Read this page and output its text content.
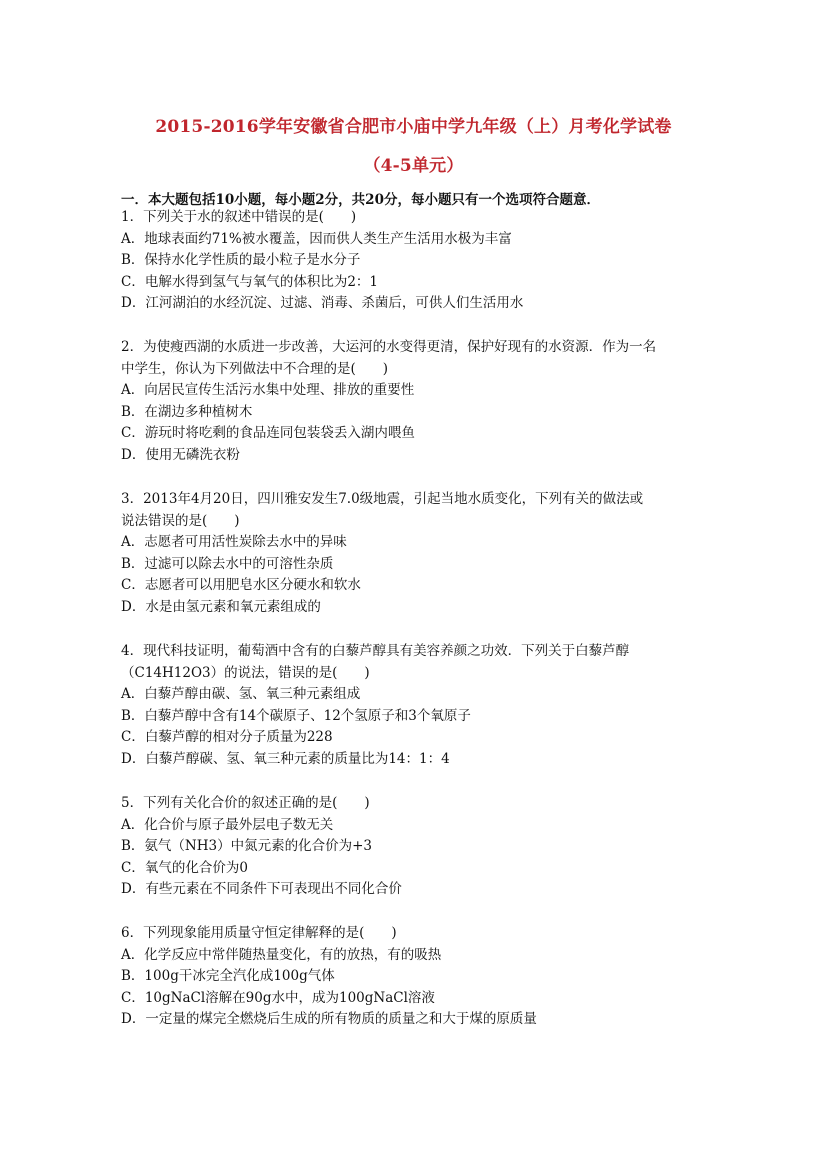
2015-2016学年安徽省合肥市小庙中学九年级（上）月考化学试卷
（4-5单元）
一．本大题包括10小题，每小题2分，共20分，每小题只有一个选项符合题意．
1．下列关于水的叙述中错误的是(　　)
A．地球表面约71%被水覆盖，因而供人类生产生活用水极为丰富
B．保持水化学性质的最小粒子是水分子
C．电解水得到氢气与氧气的体积比为2：1
D．江河湖泊的水经沉淀、过滤、消毒、杀菌后，可供人们生活用水
2．为使瘦西湖的水质进一步改善，大运河的水变得更清，保护好现有的水资源．作为一名
中学生，你认为下列做法中不合理的是(　　)
A．向居民宣传生活污水集中处理、排放的重要性
B．在湖边多种植树木
C．游玩时将吃剩的食品连同包装袋丢入湖内喂鱼
D．使用无磷洗衣粉
3．2013年4月20日，四川雅安发生7.0级地震，引起当地水质变化，下列有关的做法或
说法错误的是(　　)
A．志愿者可用活性炭除去水中的异味
B．过滤可以除去水中的可溶性杂质
C．志愿者可以用肥皂水区分硬水和软水
D．水是由氢元素和氧元素组成的
4．现代科技证明，葡萄酒中含有的白藜芦醇具有美容养颜之功效．下列关于白藜芦醇
（C14H12O3）的说法，错误的是(　　)
A．白藜芦醇由碳、氢、氧三种元素组成
B．白藜芦醇中含有14个碳原子、12个氢原子和3个氧原子
C．白藜芦醇的相对分子质量为228
D．白藜芦醇碳、氢、氧三种元素的质量比为14：1：4
5．下列有关化合价的叙述正确的是(　　)
A．化合价与原子最外层电子数无关
B．氨气（NH3）中氮元素的化合价为+3
C．氧气的化合价为0
D．有些元素在不同条件下可表现出不同化合价
6．下列现象能用质量守恒定律解释的是(　　)
A．化学反应中常伴随热量变化，有的放热，有的吸热
B．100g干冰完全汽化成100g气体
C．10gNaCl溶解在90g水中，成为100gNaCl溶液
D．一定量的煤完全燃烧后生成的所有物质的质量之和大于煤的原质量
